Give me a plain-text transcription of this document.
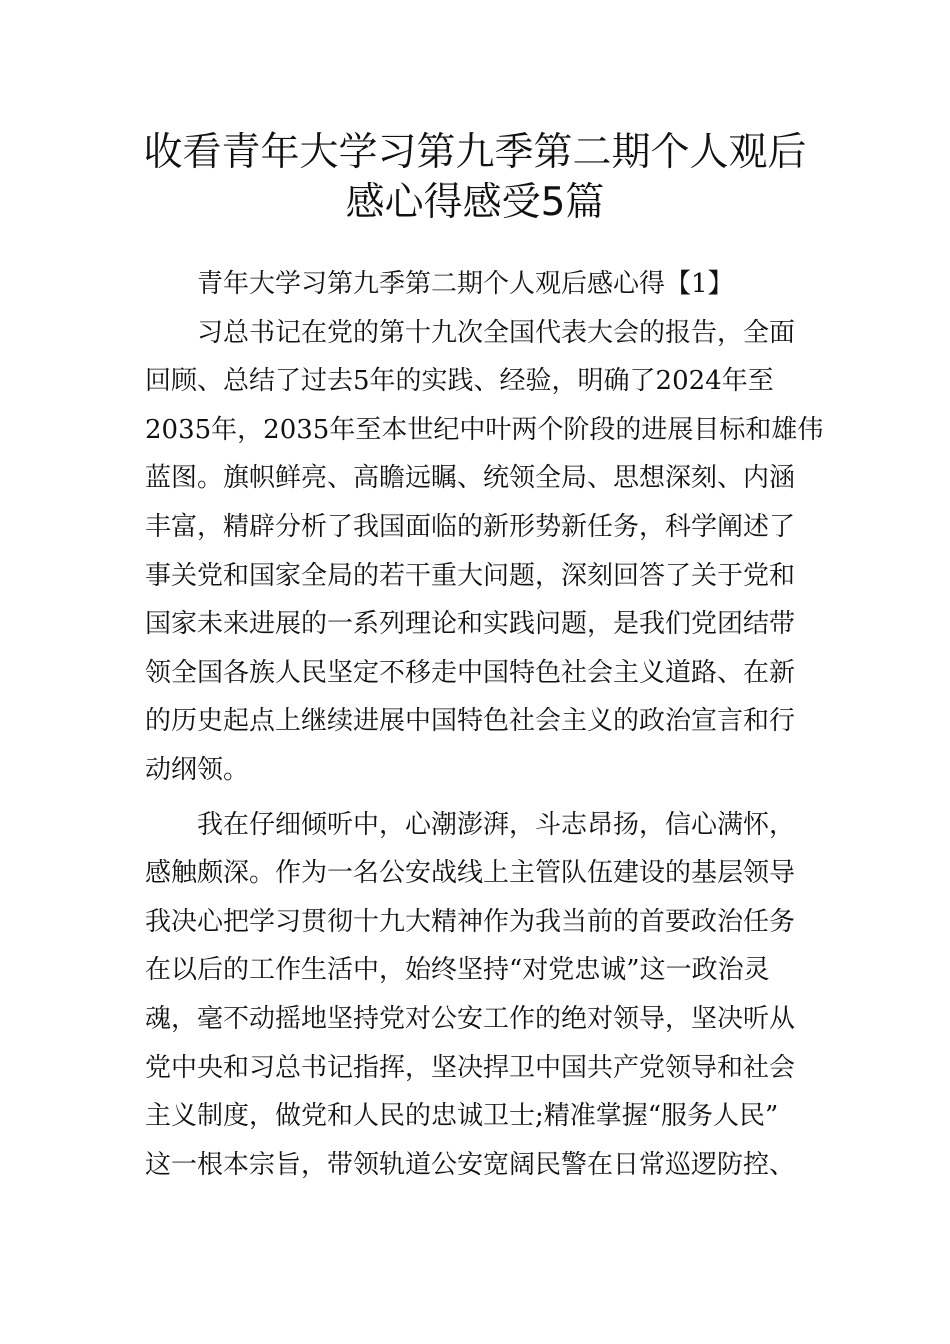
收看青年大学习第九季第二期个人观后
感心得感受5篇
青年大学习第九季第二期个人观后感心得【1】
习总书记在党的第十九次全国代表大会的报告，全面
回顾、总结了过去5年的实践、经验，明确了2024年至
2035年，2035年至本世纪中叶两个阶段的进展目标和雄伟
蓝图。旗帜鲜亮、高瞻远瞩、统领全局、思想深刻、内涵
丰富，精辟分析了我国面临的新形势新任务，科学阐述了
事关党和国家全局的若干重大问题，深刻回答了关于党和
国家未来进展的一系列理论和实践问题，是我们党团结带
领全国各族人民坚定不移走中国特色社会主义道路、在新
的历史起点上继续进展中国特色社会主义的政治宣言和行
动纲领。
我在仔细倾听中，心潮澎湃，斗志昂扬，信心满怀，
感触颇深。作为一名公安战线上主管队伍建设的基层领导
我决心把学习贯彻十九大精神作为我当前的首要政治任务
在以后的工作生活中，始终坚持“对党忠诚”这一政治灵
魂，毫不动摇地坚持党对公安工作的绝对领导，坚决听从
党中央和习总书记指挥，坚决捍卫中国共产党领导和社会
主义制度，做党和人民的忠诚卫士;精准掌握“服务人民”
这一根本宗旨，带领轨道公安宽阔民警在日常巡逻防控、
